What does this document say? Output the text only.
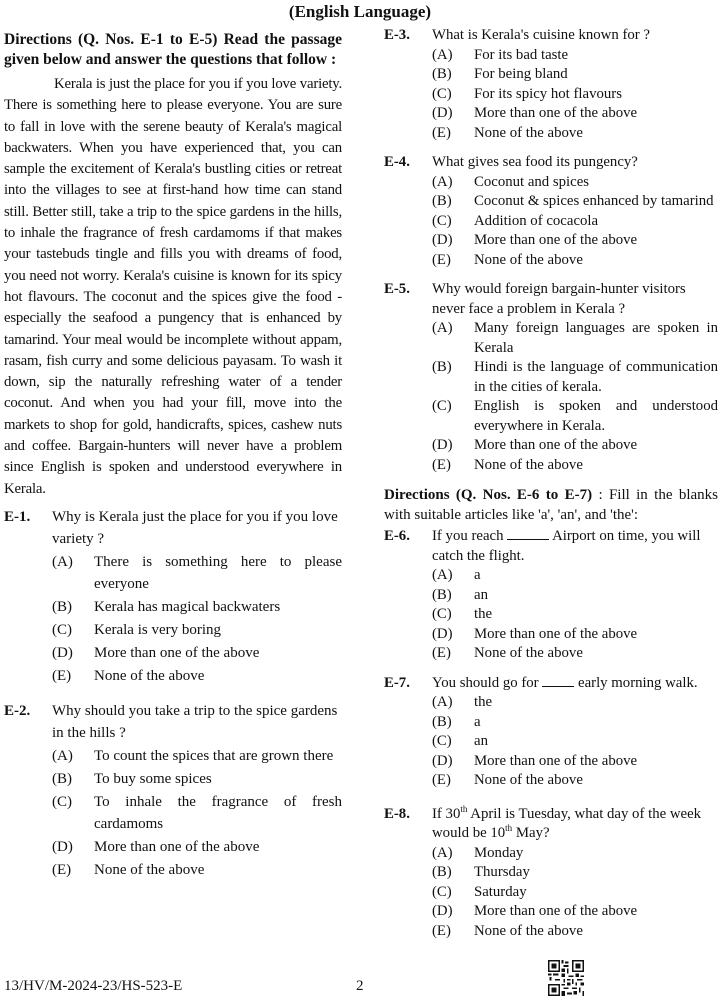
(English Language)

Directions (Q. Nos. E-1 to E-5) Read the passage given below and answer the questions that follow :

Kerala is just the place for you if you love variety. There is something here to please everyone. You are sure to fall in love with the serene beauty of Kerala's magical backwaters. When you have experienced that, you can sample the excitement of Kerala's bustling cities or retreat into the villages to see at first-hand how time can stand still. Better still, take a trip to the spice gardens in the hills, to inhale the fragrance of fresh cardamoms if that makes your tastebuds tingle and fills you with dreams of food, you need not worry. Kerala's cuisine is known for its spicy hot flavours. The coconut and the spices give the food - especially the seafood a pungency that is enhanced by tamarind. Your meal would be incomplete without appam, rasam, fish curry and some delicious payasam. To wash it down, sip the naturally refreshing water of a tender coconut. And when you had your fill, move into the markets to shop for gold, handicrafts, spices, cashew nuts and coffee. Bargain-hunters will never have a problem since English is spoken and understood everywhere in Kerala.

E-1.	Why is Kerala just the place for you if you love variety ?
(A)	There is something here to please everyone
(B)	Kerala has magical backwaters
(C)	Kerala is very boring
(D)	More than one of the above
(E)	None of the above
E-2.	Why should you take a trip to the spice gardens in the hills ?
(A)	To count the spices that are grown there
(B)	To buy some spices
(C)	To inhale the fragrance of fresh cardamoms
(D)	More than one of the above
(E)	None of the above
E-3.	What is Kerala's cuisine known for ?
(A)	For its bad taste
(B)	For being bland
(C)	For its spicy hot flavours
(D)	More than one of the above
(E)	None of the above
E-4.	What gives sea food its pungency?
(A)	Coconut and spices
(B)	Coconut & spices enhanced by tamarind
(C)	Addition of cocacola
(D)	More than one of the above
(E)	None of the above
E-5.	Why would foreign bargain-hunter visitors never face a problem in Kerala ?
(A)	Many foreign languages are spoken in Kerala
(B)	Hindi is the language of communication in the cities of kerala.
(C)	English is spoken and understood everywhere in Kerala.
(D)	More than one of the above
(E)	None of the above

Directions (Q. Nos. E-6 to E-7) : Fill in the blanks with suitable articles like 'a', 'an', and 'the':

E-6.	If you reach	Airport on time, you will catch the flight.
(A)	a
(B)	an
(C)	the
(D)	More than one of the above
(E)	None of the above
E-7.	You should go for  early morning walk.
(A)	the
(B)	a
(C)	an
(D)	More than one of the above
(E)	None of the above
E-8.	If 30th April is Tuesday, what day of the week would be 10th May?
(A)	Monday
(B)	Thursday
(C)	Saturday
(D)	More than one of the above
(E)	None of the above
13/HV/M-2024-23/HS-523-E	2
